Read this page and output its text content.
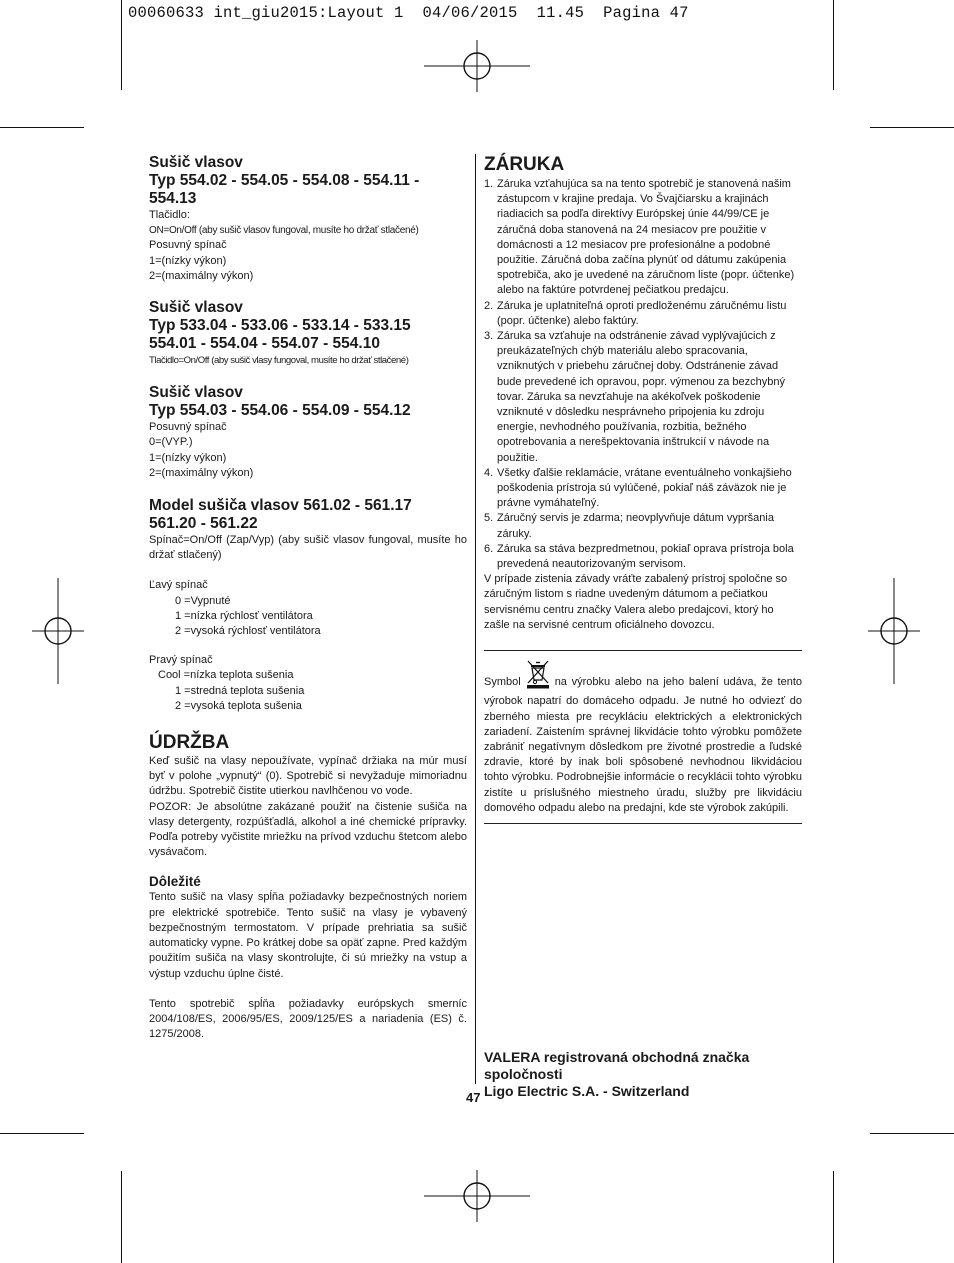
00060633 int_giu2015:Layout 1  04/06/2015  11.45  Pagina 47
Sušič vlasov
Typ 554.02 - 554.05 - 554.08 - 554.11 -
554.13
Tlačidlo:
ON=On/Off (aby sušič vlasov fungoval, musíte ho držať stlačené)
Posuvný spínač
1=(nízky výkon)
2=(maximálny výkon)
Sušič vlasov
Typ 533.04 - 533.06 - 533.14 - 533.15
554.01 - 554.04 - 554.07 - 554.10
Tlačidlo=On/Off (aby sušič vlasy fungoval, musíte ho držať stlačené)
Sušič vlasov
Typ 554.03 - 554.06 - 554.09 - 554.12
Posuvný spínač
0=(VYP.)
1=(nízky výkon)
2=(maximálny výkon)
Model sušiča vlasov 561.02 - 561.17
561.20 - 561.22
Spínač=On/Off (Zap/Vyp) (aby sušič vlasov fungoval, musíte ho držať stlačený)
Ľavý spínač
0 =Vypnuté
1 =nízka rýchlosť ventilátora
2 =vysoká rýchlosť ventilátora
Pravý spínač
Cool =nízka teplota sušenia
1 =stredná teplota sušenia
2 =vysoká teplota sušenia
ÚDRŽBA
Keď sušič na vlasy nepoužívate, vypínač držiaka na múr musí byť v polohe „vypnutý“ (0). Spotrebič si nevyžaduje mimoriadnu údržbu. Spotrebič čistite utierkou navlhčenou vo vode.
POZOR: Je absolútne zakázané použiť na čistenie sušiča na vlasy detergenty, rozpúšťadlá, alkohol a iné chemické prípravky. Podľa potreby vyčistite mriežku na prívod vzduchu štetcom alebo vysávačom.
Dôležité
Tento sušič na vlasy spĺňa požiadavky bezpečnostných noriem pre elektrické spotrebiče. Tento sušič na vlasy je vybavený bezpečnostným termostatom. V prípade prehriatia sa sušič automaticky vypne. Po krátkej dobe sa opäť zapne. Pred každým použitím sušiča na vlasy skontrolujte, či sú mriežky na vstup a výstup vzduchu úplne čisté.
Tento spotrebič spĺňa požiadavky európskych smerníc 2004/108/ES, 2006/95/ES, 2009/125/ES a nariadenia (ES) č. 1275/2008.
ZÁRUKA
1. Záruka vzťahujúca sa na tento spotrebič je stanovená našim zástupcom v krajine predaja. Vo Švajčiarsku a krajinách riadiacich sa podľa direktívy Európskej únie 44/99/CE je záručná doba stanovená na 24 mesiacov pre použitie v domácnosti a 12 mesiacov pre profesionálne a podobné použitie. Záručná doba začína plynúť od dátumu zakúpenia spotrebiča, ako je uvedené na záručnom liste (popr. účtenke) alebo na faktúre potvrdenej pečiatkou predajcu.
2. Záruka je uplatniteľná oproti predloženému záručnému listu (popr. účtenke) alebo faktúry.
3. Záruka sa vzťahuje na odstránenie závad vyplývajúcich z preukázateľných chýb materiálu alebo spracovania, vzniknutých v priebehu záručnej doby. Odstránenie závad bude prevedené ich opravou, popr. výmenou za bezchybný tovar. Záruka sa nevzťahuje na akékoľvek poškodenie vzniknuté v dôsledku nesprávneho pripojenia ku zdroju energie, nevhodného používania, rozbitia, bežného opotrebovania a nerešpektovania inštrukcií v návode na použitie.
4. Všetky ďalšie reklamácie, vrátane eventuálneho vonkajšieho poškodenia prístroja sú vylúčené, pokiaľ náš záväzok nie je právne vymáhateľný.
5. Záručný servis je zdarma; neovplyvňuje dátum vypršania záruky.
6. Záruka sa stáva bezpredmetnou, pokiaľ oprava prístroja bola prevedená neautorizovaným servisom.
V prípade zistenia závady vráťte zabalený prístroj spoločne so záručným listom s riadne uvedeným dátumom a pečiatkou servisnému centru značky Valera alebo predajcovi, ktorý ho zašle na servisné centrum oficiálneho dovozcu.
Symbol	na výrobku alebo na jeho balení udáva, že tento výrobok napatrí do domáceho odpadu. Je nutné ho odviezť do zberného miesta pre recykláciu elektrických a elektronických zariadení. Zaistením správnej likvidácie tohto výrobku pomôžete zabrániť negatívnym dôsledkom pre životné prostredie a ľudské zdravie, ktoré by inak boli spôsobené nevhodnou likvidáciou tohto výrobku. Podrobnejšie informácie o recyklácii tohto výrobku zistíte u príslušného miestneho úradu, služby pre likvidáciu domového odpadu alebo na predajni, kde ste výrobok zakúpili.
VALERA registrovaná obchodná značka spoločnosti
Ligo Electric S.A. - Switzerland
47
